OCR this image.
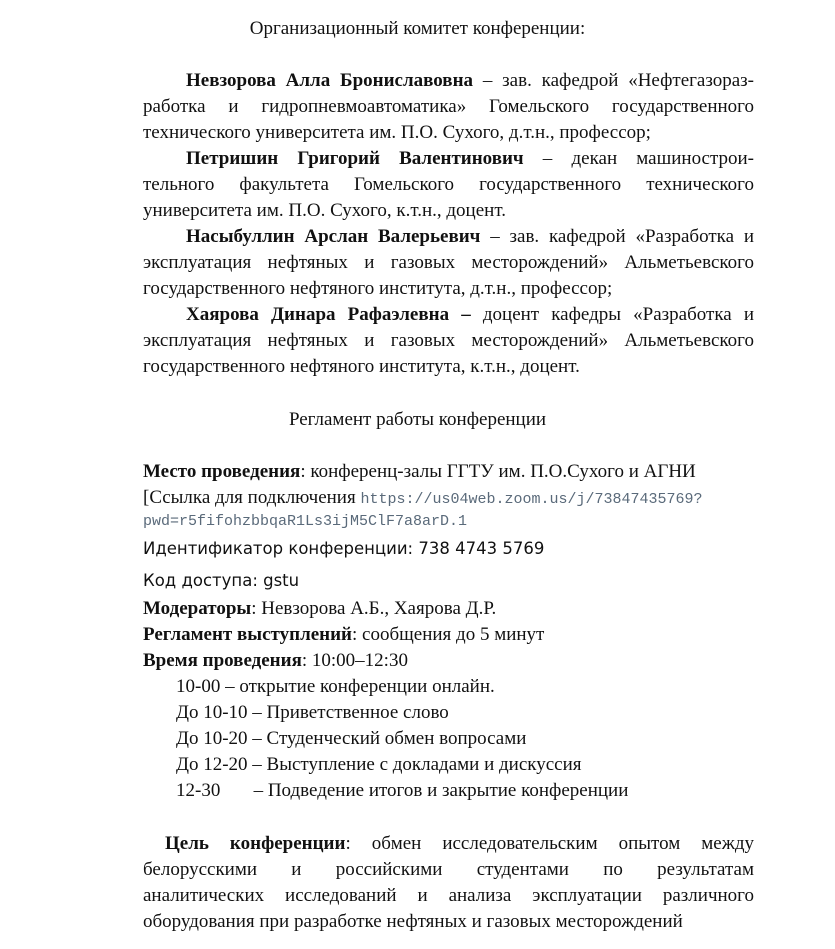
Организационный комитет конференции:
Невзорова Алла Брониславовна – зав. кафедрой «Нефтегазораз-
работка и гидропневмоавтоматика» Гомельского государственного
технического университета им. П.О. Сухого, д.т.н., профессор;
Петришин Григорий Валентинович – декан машинострои-
тельного факультета Гомельского государственного технического
университета им. П.О. Сухого, к.т.н., доцент.
Насыбуллин Арслан Валерьевич – зав. кафедрой «Разработка и
эксплуатация нефтяных и газовых месторождений» Альметьевского
государственного нефтяного института, д.т.н., профессор;
Хаярова Динара Рафаэлевна – доцент кафедры «Разработка и
эксплуатация нефтяных и газовых месторождений» Альметьевского
государственного нефтяного института, к.т.н., доцент.
Регламент работы конференции
Место проведения: конференц-залы ГГТУ им. П.О.Сухого и АГНИ
[Ссылка для подключения https://us04web.zoom.us/j/73847435769?
pwd=r5fifohzbbqaR1Ls3ijM5ClF7a8arD.1
Идентификатор конференции: 738 4743 5769
Код доступа: gstu
Модераторы: Невзорова А.Б., Хаярова Д.Р.
Регламент выступлений: сообщения до 5 минут
Время проведения: 10:00–12:30
10-00 – открытие конференции онлайн.
До 10-10 – Приветственное слово
До 10-20 – Студенческий обмен вопросами
До 12-20 – Выступление с докладами и дискуссия
12-30       – Подведение итогов и закрытие конференции
Цель конференции: обмен исследовательским опытом между
белорусскими и российскими студентами по результатам
аналитических исследований и анализа эксплуатации различного
оборудования при разработке нефтяных и газовых месторождений
